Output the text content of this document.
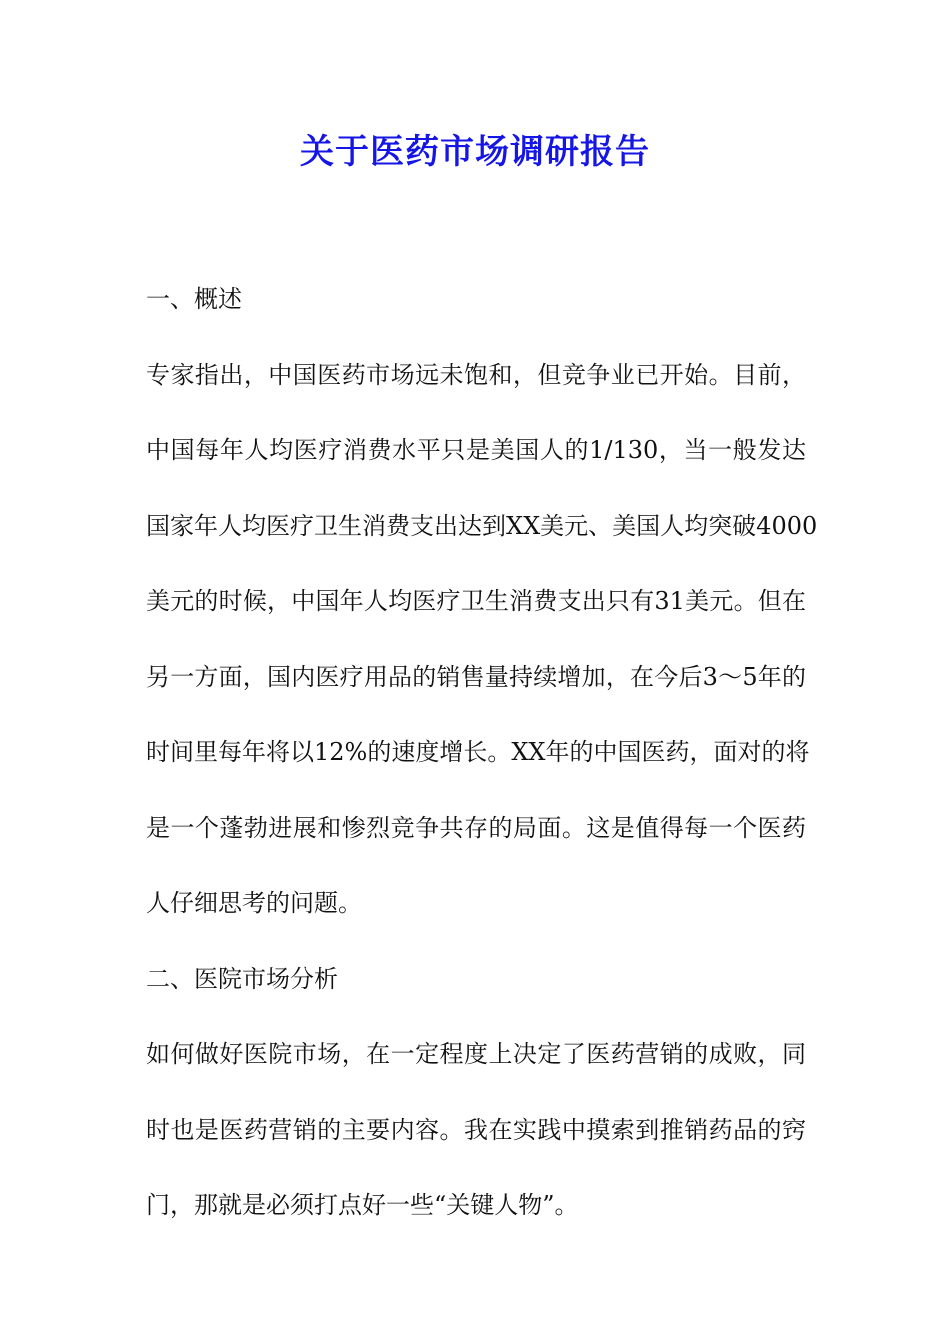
关于医药市场调研报告
一、概述
专家指出，中国医药市场远未饱和，但竞争业已开始。目前，
中国每年人均医疗消费水平只是美国人的1/130，当一般发达
国家年人均医疗卫生消费支出达到XX美元、美国人均突破4000
美元的时候，中国年人均医疗卫生消费支出只有31美元。但在
另一方面，国内医疗用品的销售量持续增加，在今后3～5年的
时间里每年将以12%的速度增长。XX年的中国医药，面对的将
是一个蓬勃进展和惨烈竞争共存的局面。这是值得每一个医药
人仔细思考的问题。
二、医院市场分析
如何做好医院市场，在一定程度上决定了医药营销的成败，同
时也是医药营销的主要内容。我在实践中摸索到推销药品的窍
门，那就是必须打点好一些“关键人物”。
